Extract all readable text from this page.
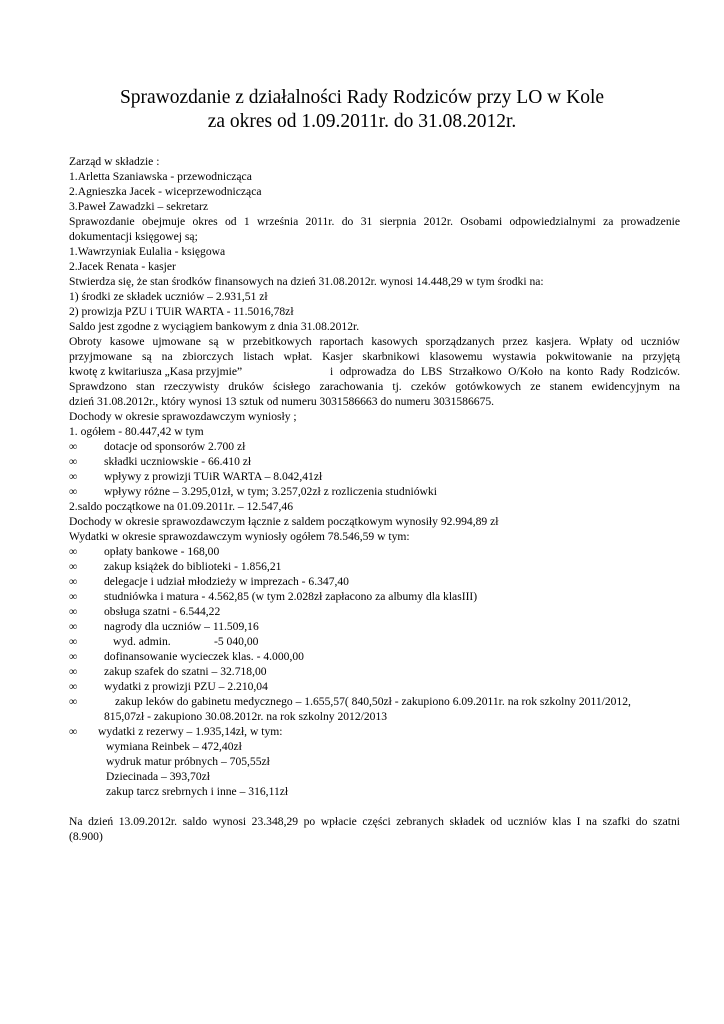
Sprawozdanie z działalności Rady Rodziców przy LO w Kole
za okres od 1.09.2011r. do 31.08.2012r.
Zarząd w składzie :
1.Arletta Szaniawska - przewodnicząca
2.Agnieszka Jacek - wiceprzewodnicząca
3.Paweł Zawadzki – sekretarz
Sprawozdanie obejmuje okres od 1 września 2011r. do 31 sierpnia 2012r. Osobami odpowiedzialnymi za prowadzenie
dokumentacji księgowej są;
1.Wawrzyniak Eulalia - księgowa
2.Jacek Renata - kasjer
Stwierdza się, że stan środków finansowych na dzień 31.08.2012r. wynosi 14.448,29 w tym środki na:
1) środki ze składek uczniów – 2.931,51 zł
2) prowizja PZU i TUiR WARTA - 11.5016,78zł
Saldo jest zgodne z wyciągiem bankowym z dnia 31.08.2012r.
Obroty kasowe ujmowane są w przebitkowych raportach kasowych sporządzanych przez kasjera. Wpłaty od uczniów
przyjmowane są na zbiorczych listach wpłat. Kasjer skarbnikowi klasowemu wystawia pokwitowanie na przyjętą
kwotę z kwitariusza „Kasa przyjmie”	i odprowadza do LBS Strzałkowo O/Koło na konto Rady Rodziców.
Sprawdzono stan rzeczywisty druków ścisłego zarachowania tj. czeków gotówkowych ze stanem ewidencyjnym na
dzień 31.08.2012r., który wynosi 13 sztuk od numeru 3031586663 do numeru 3031586675.
Dochody w okresie sprawozdawczym wyniosły ;
1. ogółem - 80.447,42 w tym
∞ dotacje od sponsorów 2.700 zł
∞ składki uczniowskie - 66.410 zł
∞ wpływy z prowizji TUiR WARTA – 8.042,41zł
∞ wpływy różne – 3.295,01zł, w tym; 3.257,02zł z rozliczenia studniówki
2.saldo początkowe na 01.09.2011r. – 12.547,46
Dochody w okresie sprawozdawczym łącznie z saldem początkowym wynosiły 92.994,89 zł
Wydatki w okresie sprawozdawczym wyniosły ogółem 78.546,59 w tym:
∞ opłaty bankowe - 168,00
∞ zakup książek do biblioteki - 1.856,21
∞ delegacje i udział młodzieży w imprezach - 6.347,40
∞ studniówka i matura - 4.562,85 (w tym 2.028zł zapłacono za albumy dla klasIII)
∞ obsługa szatni - 6.544,22
∞ nagrody dla uczniów – 11.509,16
∞	wyd. admin.	-5 040,00
∞ dofinansowanie wycieczek klas. - 4.000,00
∞ zakup szafek do szatni – 32.718,00
∞ wydatki z prowizji PZU – 2.210,04
∞	zakup leków do gabinetu medycznego – 1.655,57( 840,50zł - zakupiono 6.09.2011r. na rok szkolny 2011/2012,
815,07zł - zakupiono 30.08.2012r. na rok szkolny 2012/2013
∞ wydatki z rezerwy – 1.935,14zł, w tym:
wymiana Reinbek – 472,40zł
wydruk matur próbnych – 705,55zł
Dziecinada – 393,70zł
zakup tarcz srebrnych i inne – 316,11zł
Na dzień 13.09.2012r. saldo wynosi 23.348,29 po wpłacie części zebranych składek od uczniów klas I na szafki do szatni
(8.900)
